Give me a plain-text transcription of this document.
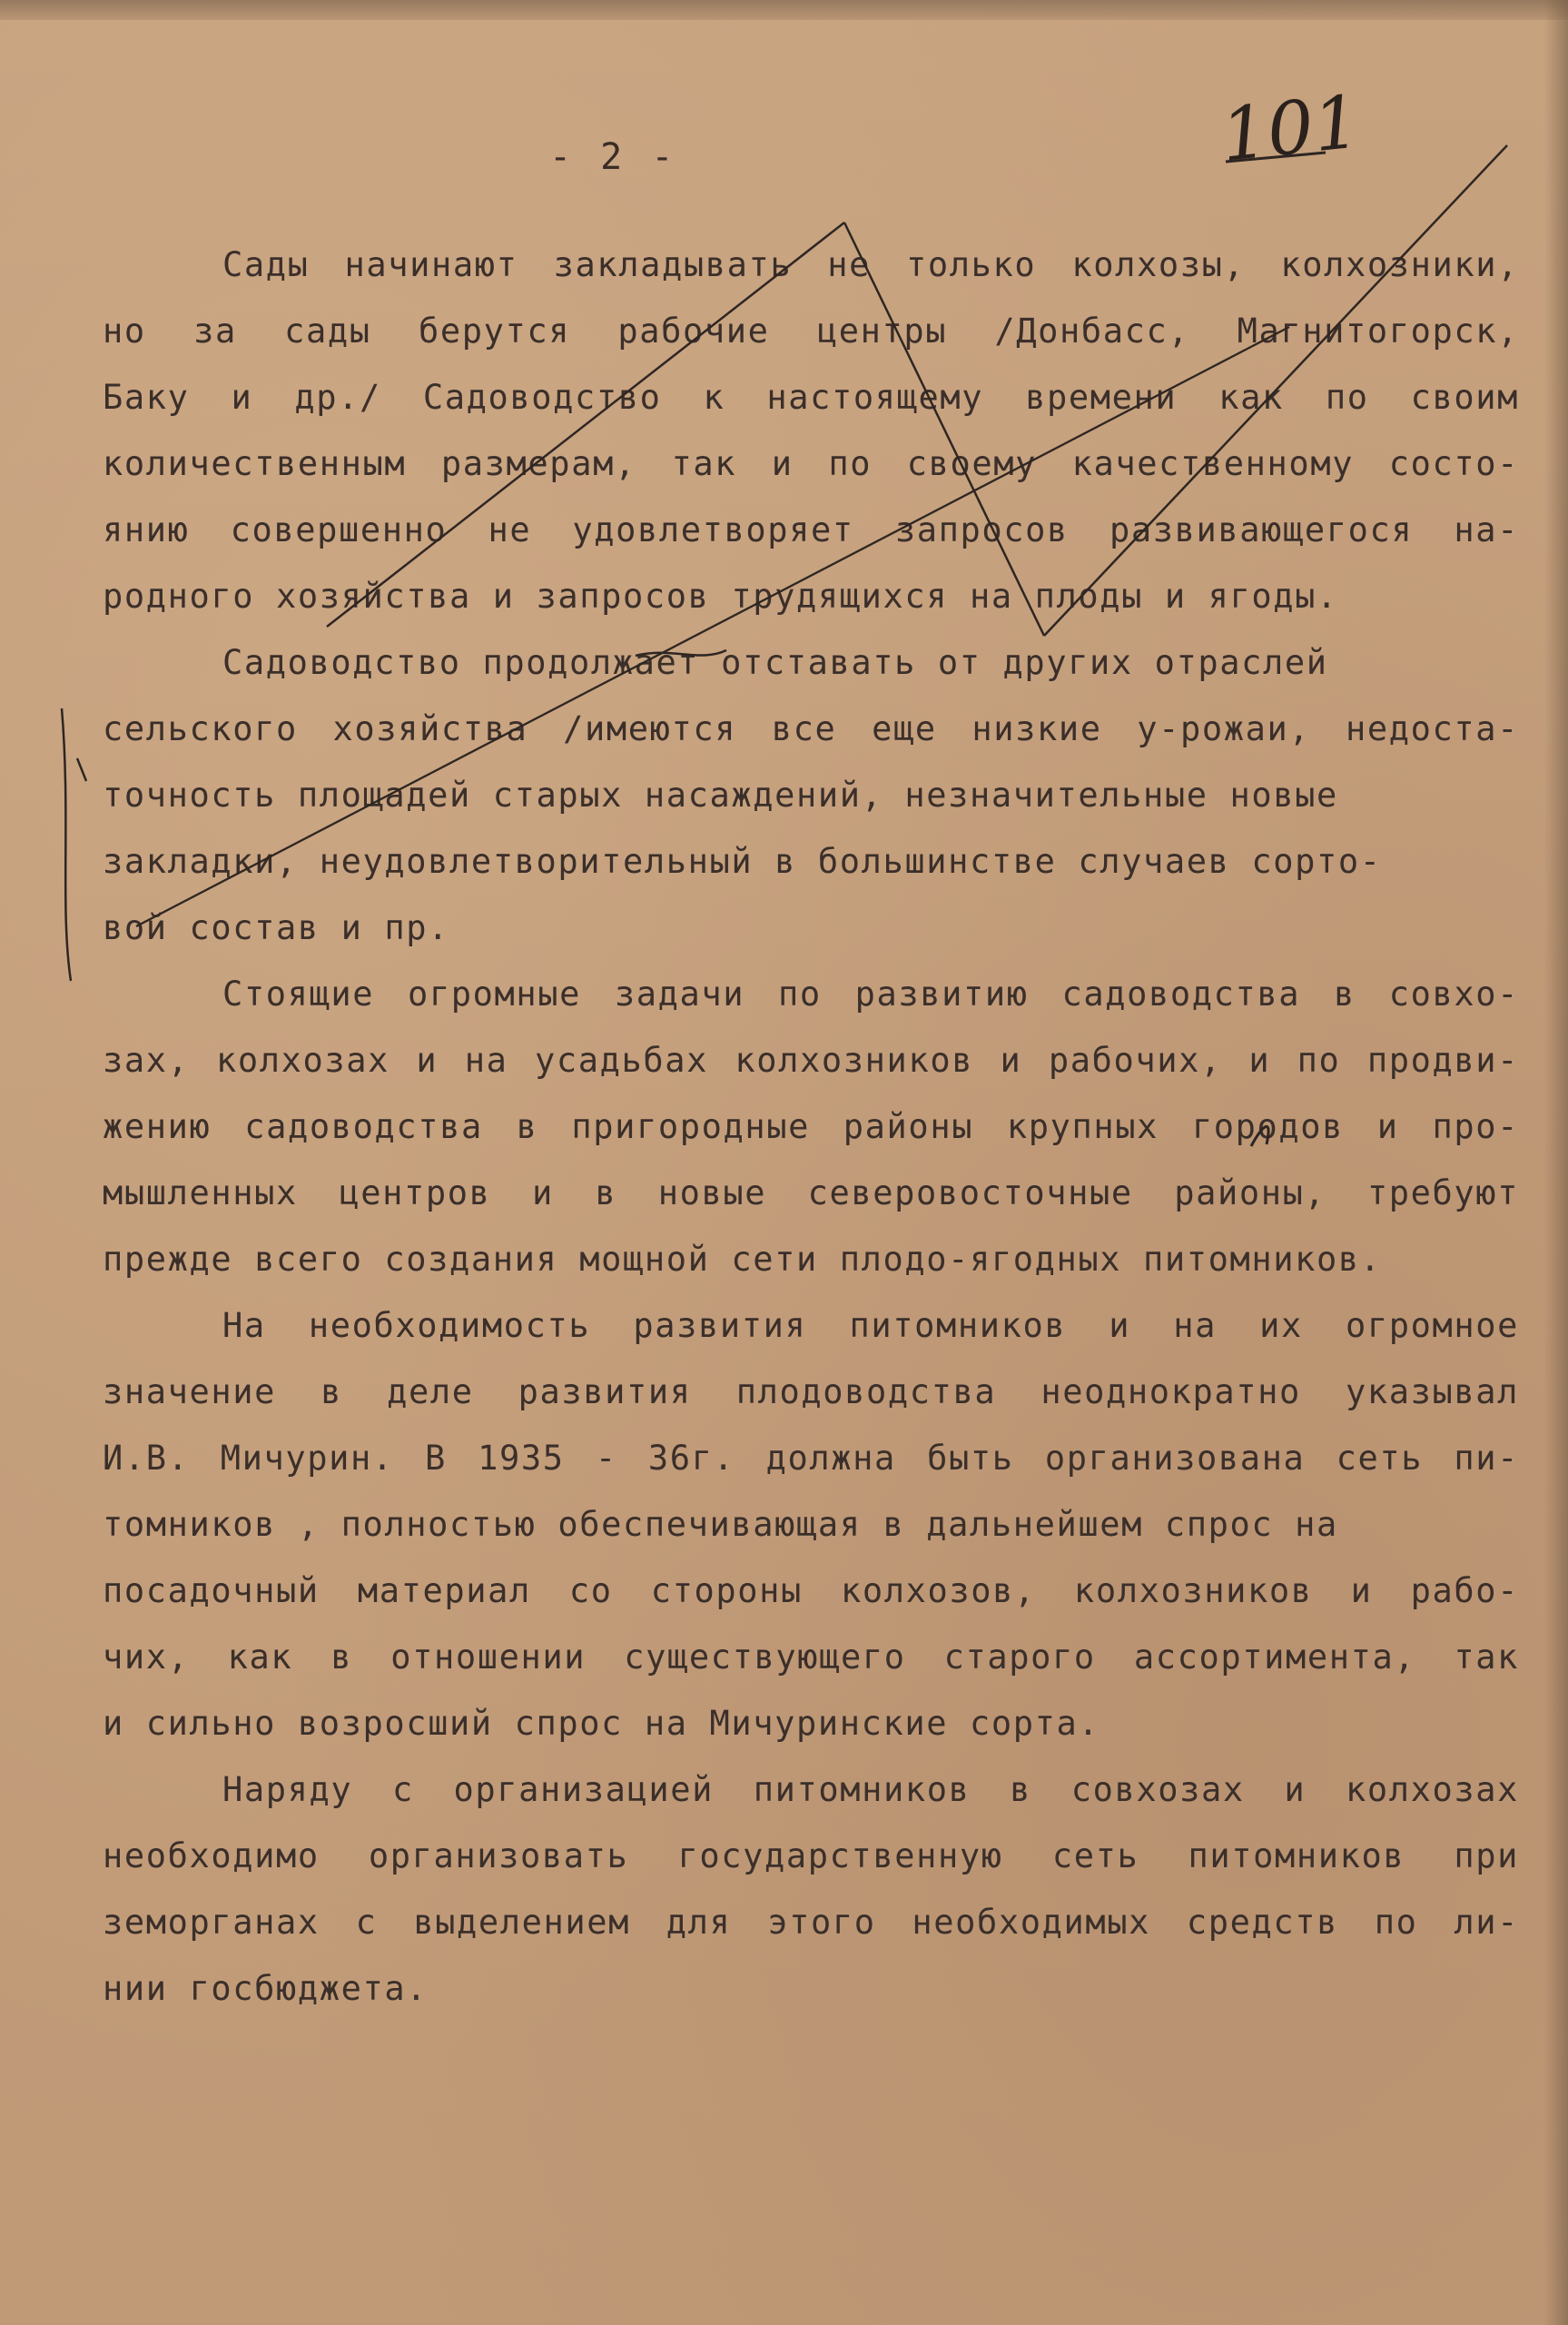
- 2 -	101
Сады начинают закладывать не только колхозы, колхозники,
но за сады берутся рабочие центры /Донбасс, Магнитогорск,
Баку и др./ Садоводство к настоящему времени как по своим
количественным размерам, так и по своему качественному состо-
янию совершенно не удовлетворяет запросов развивающегося на-
родного хозяйства и запросов трудящихся на плоды и ягоды.
Садоводство продолжает отставать от других отраслей
сельского хозяйства /имеются все еще низкие у-рожаи, недоста-
точность площадей старых насаждений, незначительные новые
закладки, неудовлетворительный в большинстве случаев сорто-
вой состав и пр.
Стоящие огромные задачи по развитию садоводства в совхо-
зах, колхозах и на усадьбах колхозников и рабочих, и по продви-
жению садоводства в пригородные районы крупных городов и про-
мышленных центров и в новые северовосточные районы, требуют
прежде всего создания мощной сети плодо-ягодных питомников.
На необходимость развития питомников и на их огромное
значение в деле развития плодоводства неоднократно указывал
И.В. Мичурин. В 1935 - 36г. должна быть организована сеть пи-
томников , полностью обеспечивающая в дальнейшем спрос на
посадочный материал со стороны колхозов, колхозников и рабо-
чих, как в отношении существующего старого ассортимента, так
и сильно возросший спрос на Мичуринские сорта.
Наряду с организацией питомников в совхозах и колхозах
необходимо организовать государственную сеть питомников при
земорганах с выделением для этого необходимых средств по ли-
нии госбюджета.
